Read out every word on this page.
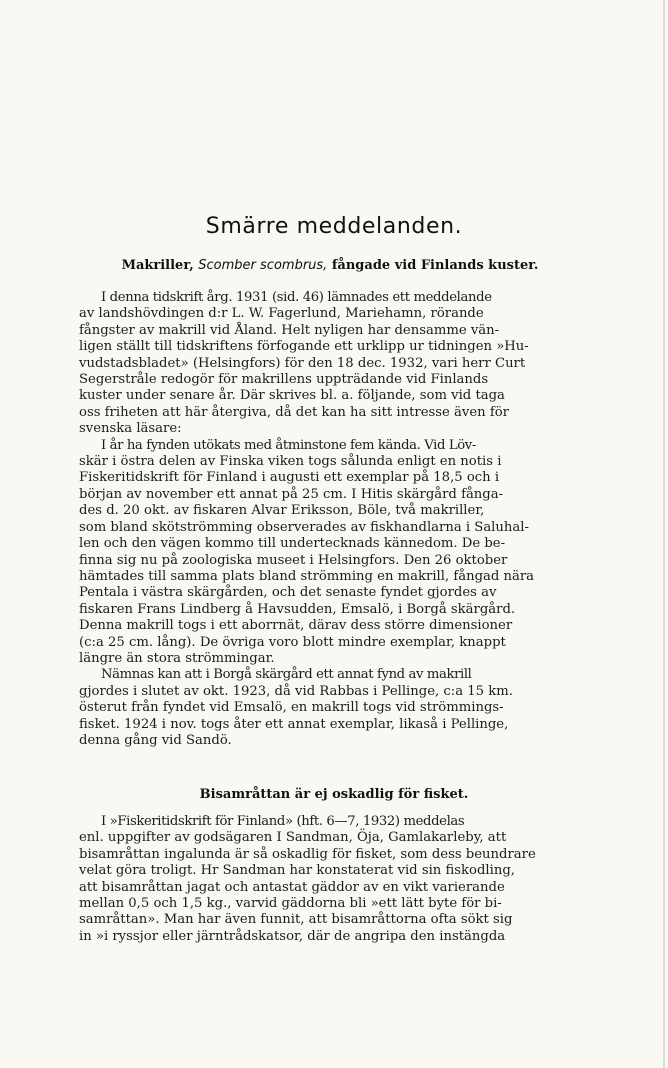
Smärre meddelanden.
Makriller, Scomber scombrus, fångade vid Finlands kuster.
I denna tidskrift årg. 1931 (sid. 46) lämnades ett meddelande
av landshövdingen d:r L. W. Fagerlund, Mariehamn, rörande
fångster av makrill vid Åland. Helt nyligen har densamme vän-
ligen ställt till tidskriftens förfogande ett urklipp ur tidningen »Hu-
vudstadsbladet» (Helsingfors) för den 18 dec. 1932, vari herr Curt
Segerstråle redogör för makrillens uppträdande vid Finlands
kuster under senare år. Där skrives bl. a. följande, som vid taga
oss friheten att här återgiva, då det kan ha sitt intresse även för
svenska läsare:
I år ha fynden utökats med åtminstone fem kända. Vid Löv-
skär i östra delen av Finska viken togs sålunda enligt en notis i
Fiskeritidskrift för Finland i augusti ett exemplar på 18,5 och i
början av november ett annat på 25 cm. I Hitis skärgård fånga-
des d. 20 okt. av fiskaren Alvar Eriksson, Böle, två makriller,
som bland skötströmming observerades av fiskhandlarna i Saluhal-
len och den vägen kommo till undertecknads kännedom. De be-
finna sig nu på zoologiska museet i Helsingfors. Den 26 oktober
hämtades till samma plats bland strömming en makrill, fångad nära
Pentala i västra skärgården, och det senaste fyndet gjordes av
fiskaren Frans Lindberg å Havsudden, Emsalö, i Borgå skärgård.
Denna makrill togs i ett aborrnät, därav dess större dimensioner
(c:a 25 cm. lång). De övriga voro blott mindre exemplar, knappt
längre än stora strömmingar.
Nämnas kan att i Borgå skärgård ett annat fynd av makrill
gjordes i slutet av okt. 1923, då vid Rabbas i Pellinge, c:a 15 km.
österut från fyndet vid Emsalö, en makrill togs vid strömmings-
fisket. 1924 i nov. togs åter ett annat exemplar, likaså i Pellinge,
denna gång vid Sandö.
Bisamråttan är ej oskadlig för fisket.
I »Fiskeritidskrift för Finland» (hft. 6—7, 1932) meddelas
enl. uppgifter av godsägaren I Sandman, Öja, Gamlakarleby, att
bisamråttan ingalunda är så oskadlig för fisket, som dess beundrare
velat göra troligt. Hr Sandman har konstaterat vid sin fiskodling,
att bisamråttan jagat och antastat gäddor av en vikt varierande
mellan 0,5 och 1,5 kg., varvid gäddorna bli »ett lätt byte för bi-
samråttan». Man har även funnit, att bisamråttorna ofta sökt sig
in »i ryssjor eller järntrådskatsor, där de angripa den instängda
